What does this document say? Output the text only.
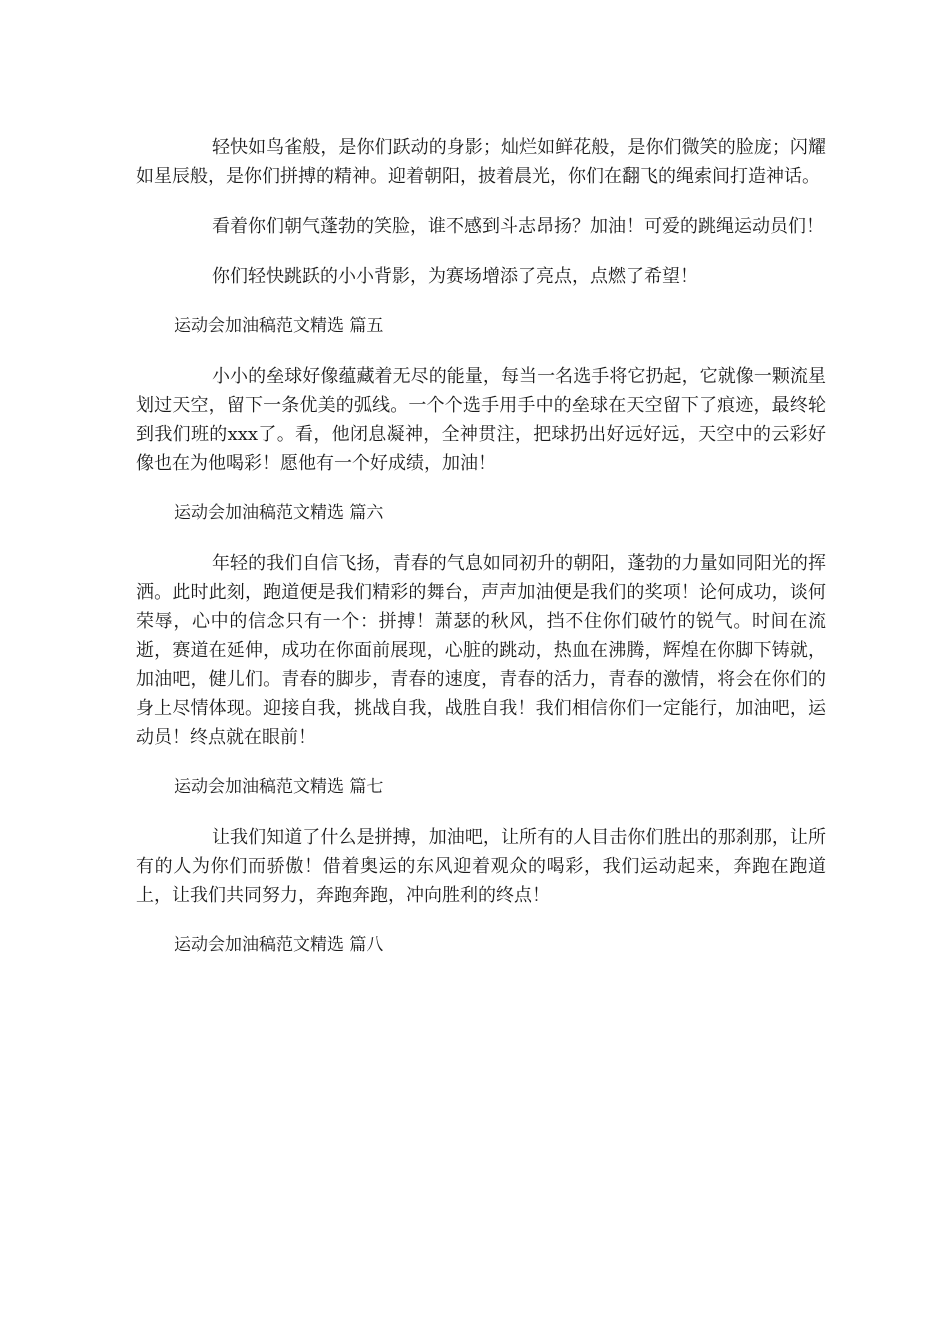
轻快如鸟雀般，是你们跃动的身影；灿烂如鲜花般，是你们微笑的脸庞；闪耀如星辰般，是你们拼搏的精神。迎着朝阳，披着晨光，你们在翻飞的绳索间打造神话。

看着你们朝气蓬勃的笑脸，谁不感到斗志昂扬？加油！可爱的跳绳运动员们！

你们轻快跳跃的小小背影，为赛场增添了亮点，点燃了希望！

运动会加油稿范文精选 篇五

小小的垒球好像蕴藏着无尽的能量，每当一名选手将它扔起，它就像一颗流星划过天空，留下一条优美的弧线。一个个选手用手中的垒球在天空留下了痕迹，最终轮到我们班的xxx了。看，他闭息凝神，全神贯注，把球扔出好远好远，天空中的云彩好像也在为他喝彩！愿他有一个好成绩，加油！

运动会加油稿范文精选 篇六

年轻的我们自信飞扬，青春的气息如同初升的朝阳，蓬勃的力量如同阳光的挥洒。此时此刻，跑道便是我们精彩的舞台，声声加油便是我们的奖项！论何成功，谈何荣辱，心中的信念只有一个：拼搏！萧瑟的秋风，挡不住你们破竹的锐气。时间在流逝，赛道在延伸，成功在你面前展现，心脏的跳动，热血在沸腾，辉煌在你脚下铸就，加油吧，健儿们。青春的脚步，青春的速度，青春的活力，青春的激情，将会在你们的身上尽情体现。迎接自我，挑战自我，战胜自我！我们相信你们一定能行，加油吧，运动员！终点就在眼前！

运动会加油稿范文精选 篇七

让我们知道了什么是拼搏，加油吧，让所有的人目击你们胜出的那刹那，让所有的人为你们而骄傲！借着奥运的东风迎着观众的喝彩，我们运动起来，奔跑在跑道上，让我们共同努力，奔跑奔跑，冲向胜利的终点！

运动会加油稿范文精选 篇八
